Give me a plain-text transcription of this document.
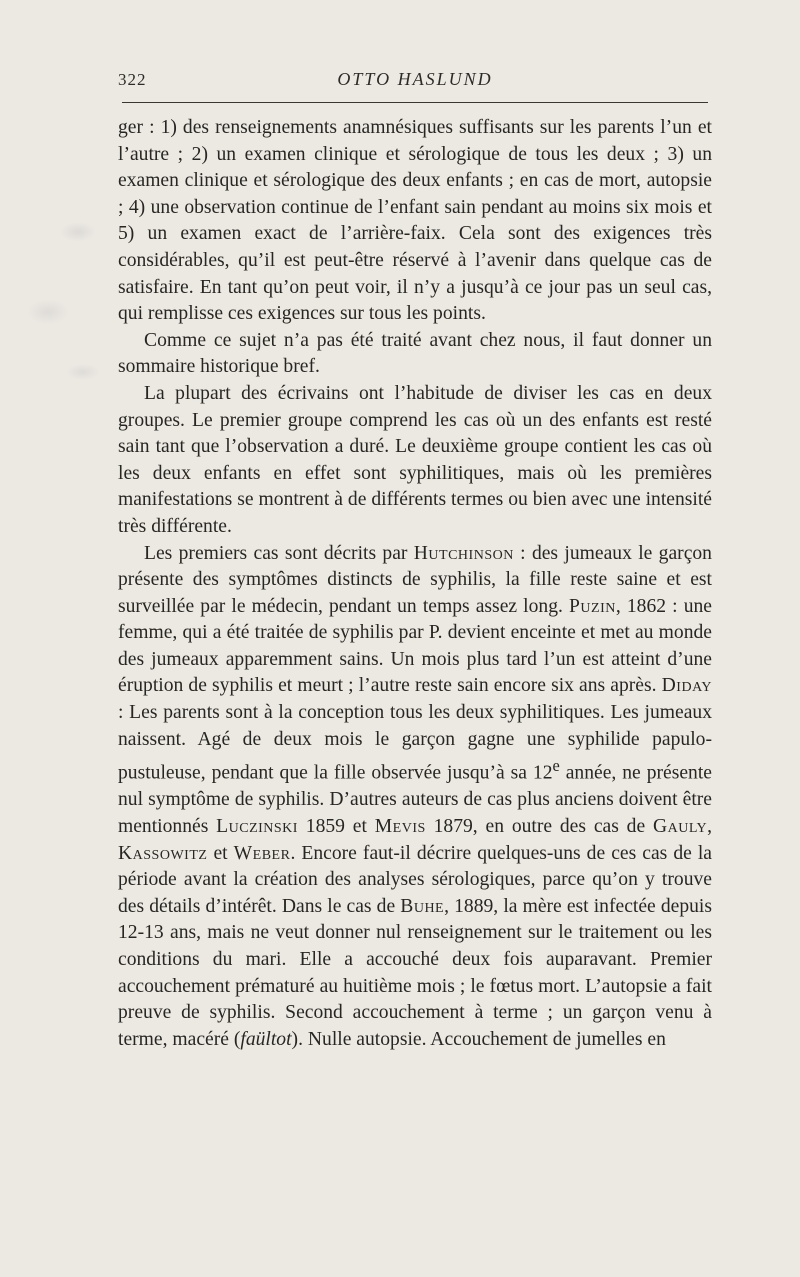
322	OTTO HASLUND

ger : 1) des renseignements anamnésiques suffisants sur les parents l’un et l’autre ; 2) un examen clinique et sérologique de tous les deux ; 3) un examen clinique et sérologique des deux enfants ; en cas de mort, autopsie ; 4) une observation continue de l’enfant sain pendant au moins six mois et 5) un examen exact de l’arrière-faix. Cela sont des exigences très considérables, qu’il est peut-être réservé à l’avenir dans quelque cas de satisfaire. En tant qu’on peut voir, il n’y a jusqu’à ce jour pas un seul cas, qui remplisse ces exigences sur tous les points.

Comme ce sujet n’a pas été traité avant chez nous, il faut donner un sommaire historique bref.

La plupart des écrivains ont l’habitude de diviser les cas en deux groupes. Le premier groupe comprend les cas où un des enfants est resté sain tant que l’observation a duré. Le deuxième groupe contient les cas où les deux enfants en effet sont syphilitiques, mais où les premières manifestations se montrent à de différents termes ou bien avec une intensité très différente.

Les premiers cas sont décrits par Hutchinson : des jumeaux le garçon présente des symptômes distincts de syphilis, la fille reste saine et est surveillée par le médecin, pendant un temps assez long. Puzin, 1862 : une femme, qui a été traitée de syphilis par P. devient enceinte et met au monde des jumeaux apparemment sains. Un mois plus tard l’un est atteint d’une éruption de syphilis et meurt ; l’autre reste sain encore six ans après. Diday : Les parents sont à la conception tous les deux syphilitiques. Les jumeaux naissent. Agé de deux mois le garçon gagne une syphilide papulo-pustuleuse, pendant que la fille observée jusqu’à sa 12e année, ne présente nul symptôme de syphilis. D’autres auteurs de cas plus anciens doivent être mentionnés Luczinski 1859 et Mevis 1879, en outre des cas de Gauly, Kassowitz et Weber. Encore faut-il décrire quelques-uns de ces cas de la période avant la création des analyses sérologiques, parce qu’on y trouve des détails d’intérêt. Dans le cas de Buhe, 1889, la mère est infectée depuis 12-13 ans, mais ne veut donner nul renseignement sur le traitement ou les conditions du mari. Elle a accouché deux fois auparavant. Premier accouchement prématuré au huitième mois ; le fœtus mort. L’autopsie a fait preuve de syphilis. Second accouchement à terme ; un garçon venu à terme, macéré (faültot). Nulle autopsie. Accouchement de jumelles en
